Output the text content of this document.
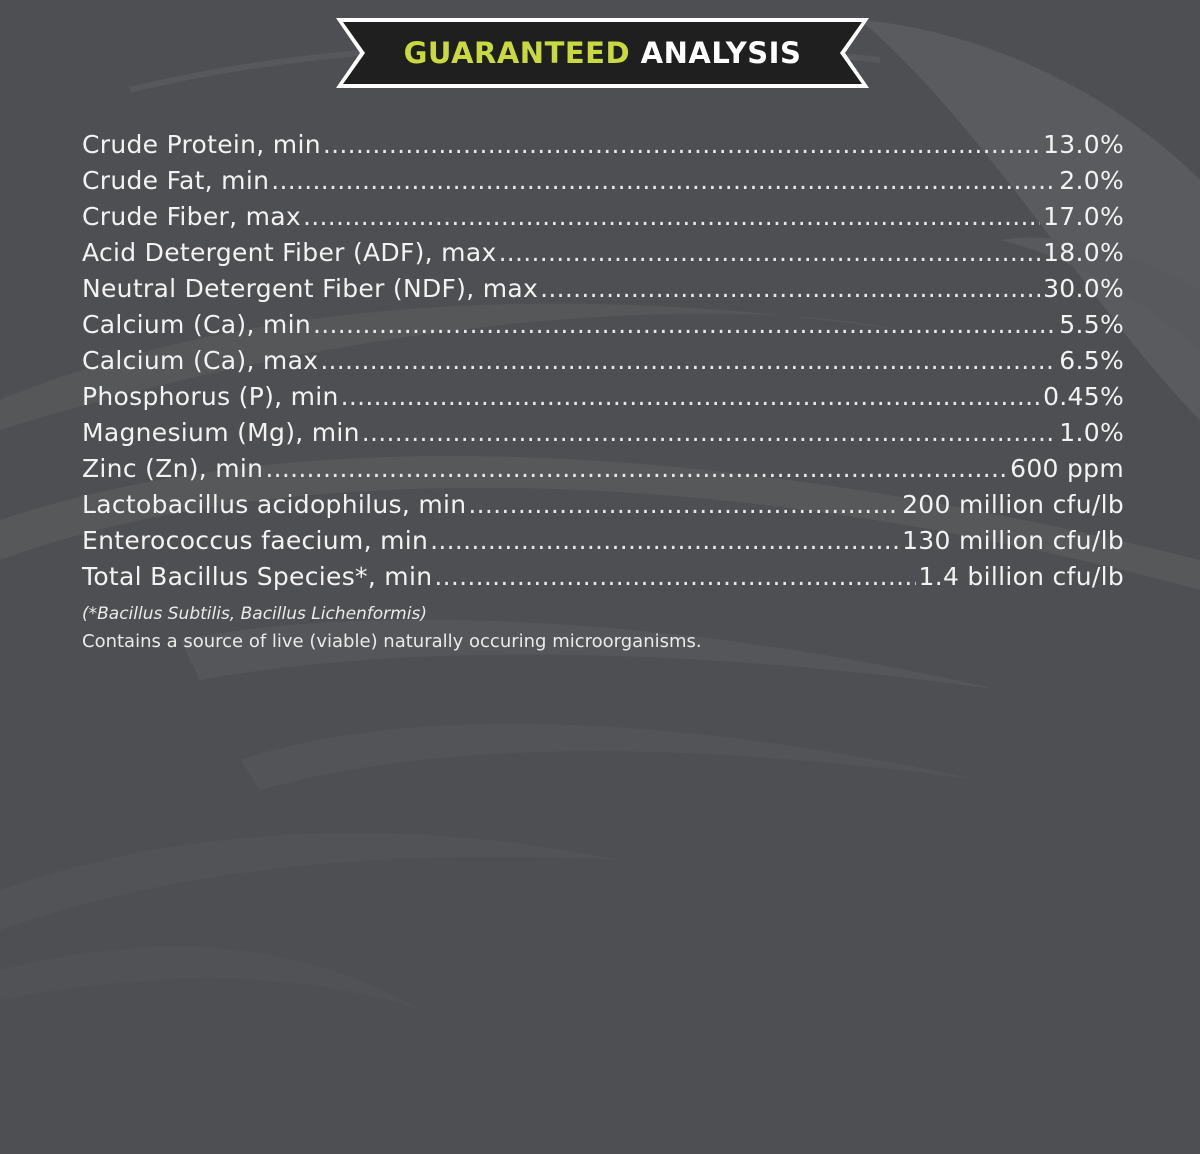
GUARANTEED ANALYSIS
Crude Protein, min .....	13.0%
Crude Fat, min .....	2.0%
Crude Fiber, max .....	17.0%
Acid Detergent Fiber (ADF), max .....	18.0%
Neutral Detergent Fiber (NDF), max .....	30.0%
Calcium (Ca), min .....	5.5%
Calcium (Ca), max .....	6.5%
Phosphorus (P), min .....	0.45%
Magnesium (Mg), min .....	1.0%
Zinc (Zn), min .....	600 ppm
Lactobacillus acidophilus, min .....	200 million cfu/lb
Enterococcus faecium, min .....	130 million cfu/lb
Total Bacillus Species*, min .....	1.4 billion cfu/lb
(*Bacillus Subtilis, Bacillus Lichenformis)
Contains a source of live (viable) naturally occuring microorganisms.
